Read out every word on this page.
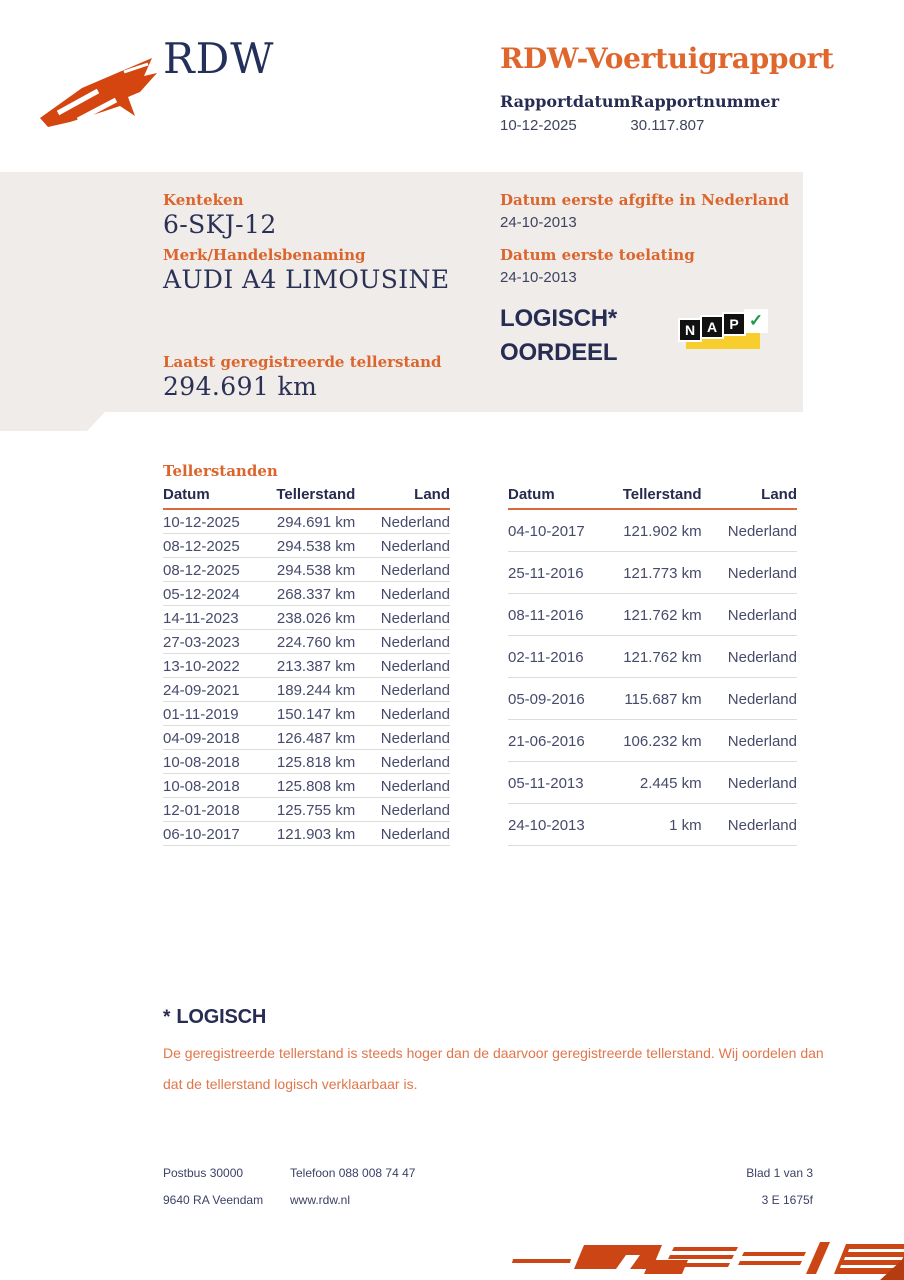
RDW	RDW-Voertuigrapport
Rapportdatum
10-12-2025
Rapportnummer
30.117.807
Kenteken
6-SKJ-12
Merk/Handelsbenaming
AUDI A4 LIMOUSINE
Laatst geregistreerde tellerstand
294.691 km
Datum eerste afgifte in Nederland
24-10-2013
Datum eerste toelating
24-10-2013
LOGISCH*
OORDEEL
N A P ✓
Tellerstanden
Datum	Tellerstand	Land
10-12-2025	294.691 km	Nederland
08-12-2025	294.538 km	Nederland
08-12-2025	294.538 km	Nederland
05-12-2024	268.337 km	Nederland
14-11-2023	238.026 km	Nederland
27-03-2023	224.760 km	Nederland
13-10-2022	213.387 km	Nederland
24-09-2021	189.244 km	Nederland
01-11-2019	150.147 km	Nederland
04-09-2018	126.487 km	Nederland
10-08-2018	125.818 km	Nederland
10-08-2018	125.808 km	Nederland
12-01-2018	125.755 km	Nederland
06-10-2017	121.903 km	Nederland
Datum	Tellerstand	Land
04-10-2017	121.902 km	Nederland
25-11-2016	121.773 km	Nederland
08-11-2016	121.762 km	Nederland
02-11-2016	121.762 km	Nederland
05-09-2016	115.687 km	Nederland
21-06-2016	106.232 km	Nederland
05-11-2013	2.445 km	Nederland
24-10-2013	1 km	Nederland
* LOGISCH

De geregistreerde tellerstand is steeds hoger dan de daarvoor geregistreerde tellerstand. Wij oordelen dan dat de tellerstand logisch verklaarbaar is.

Postbus 30000
9640 RA Veendam
Telefoon 088 008 74 47
www.rdw.nl
Blad 1 van 3
3 E 1675f
